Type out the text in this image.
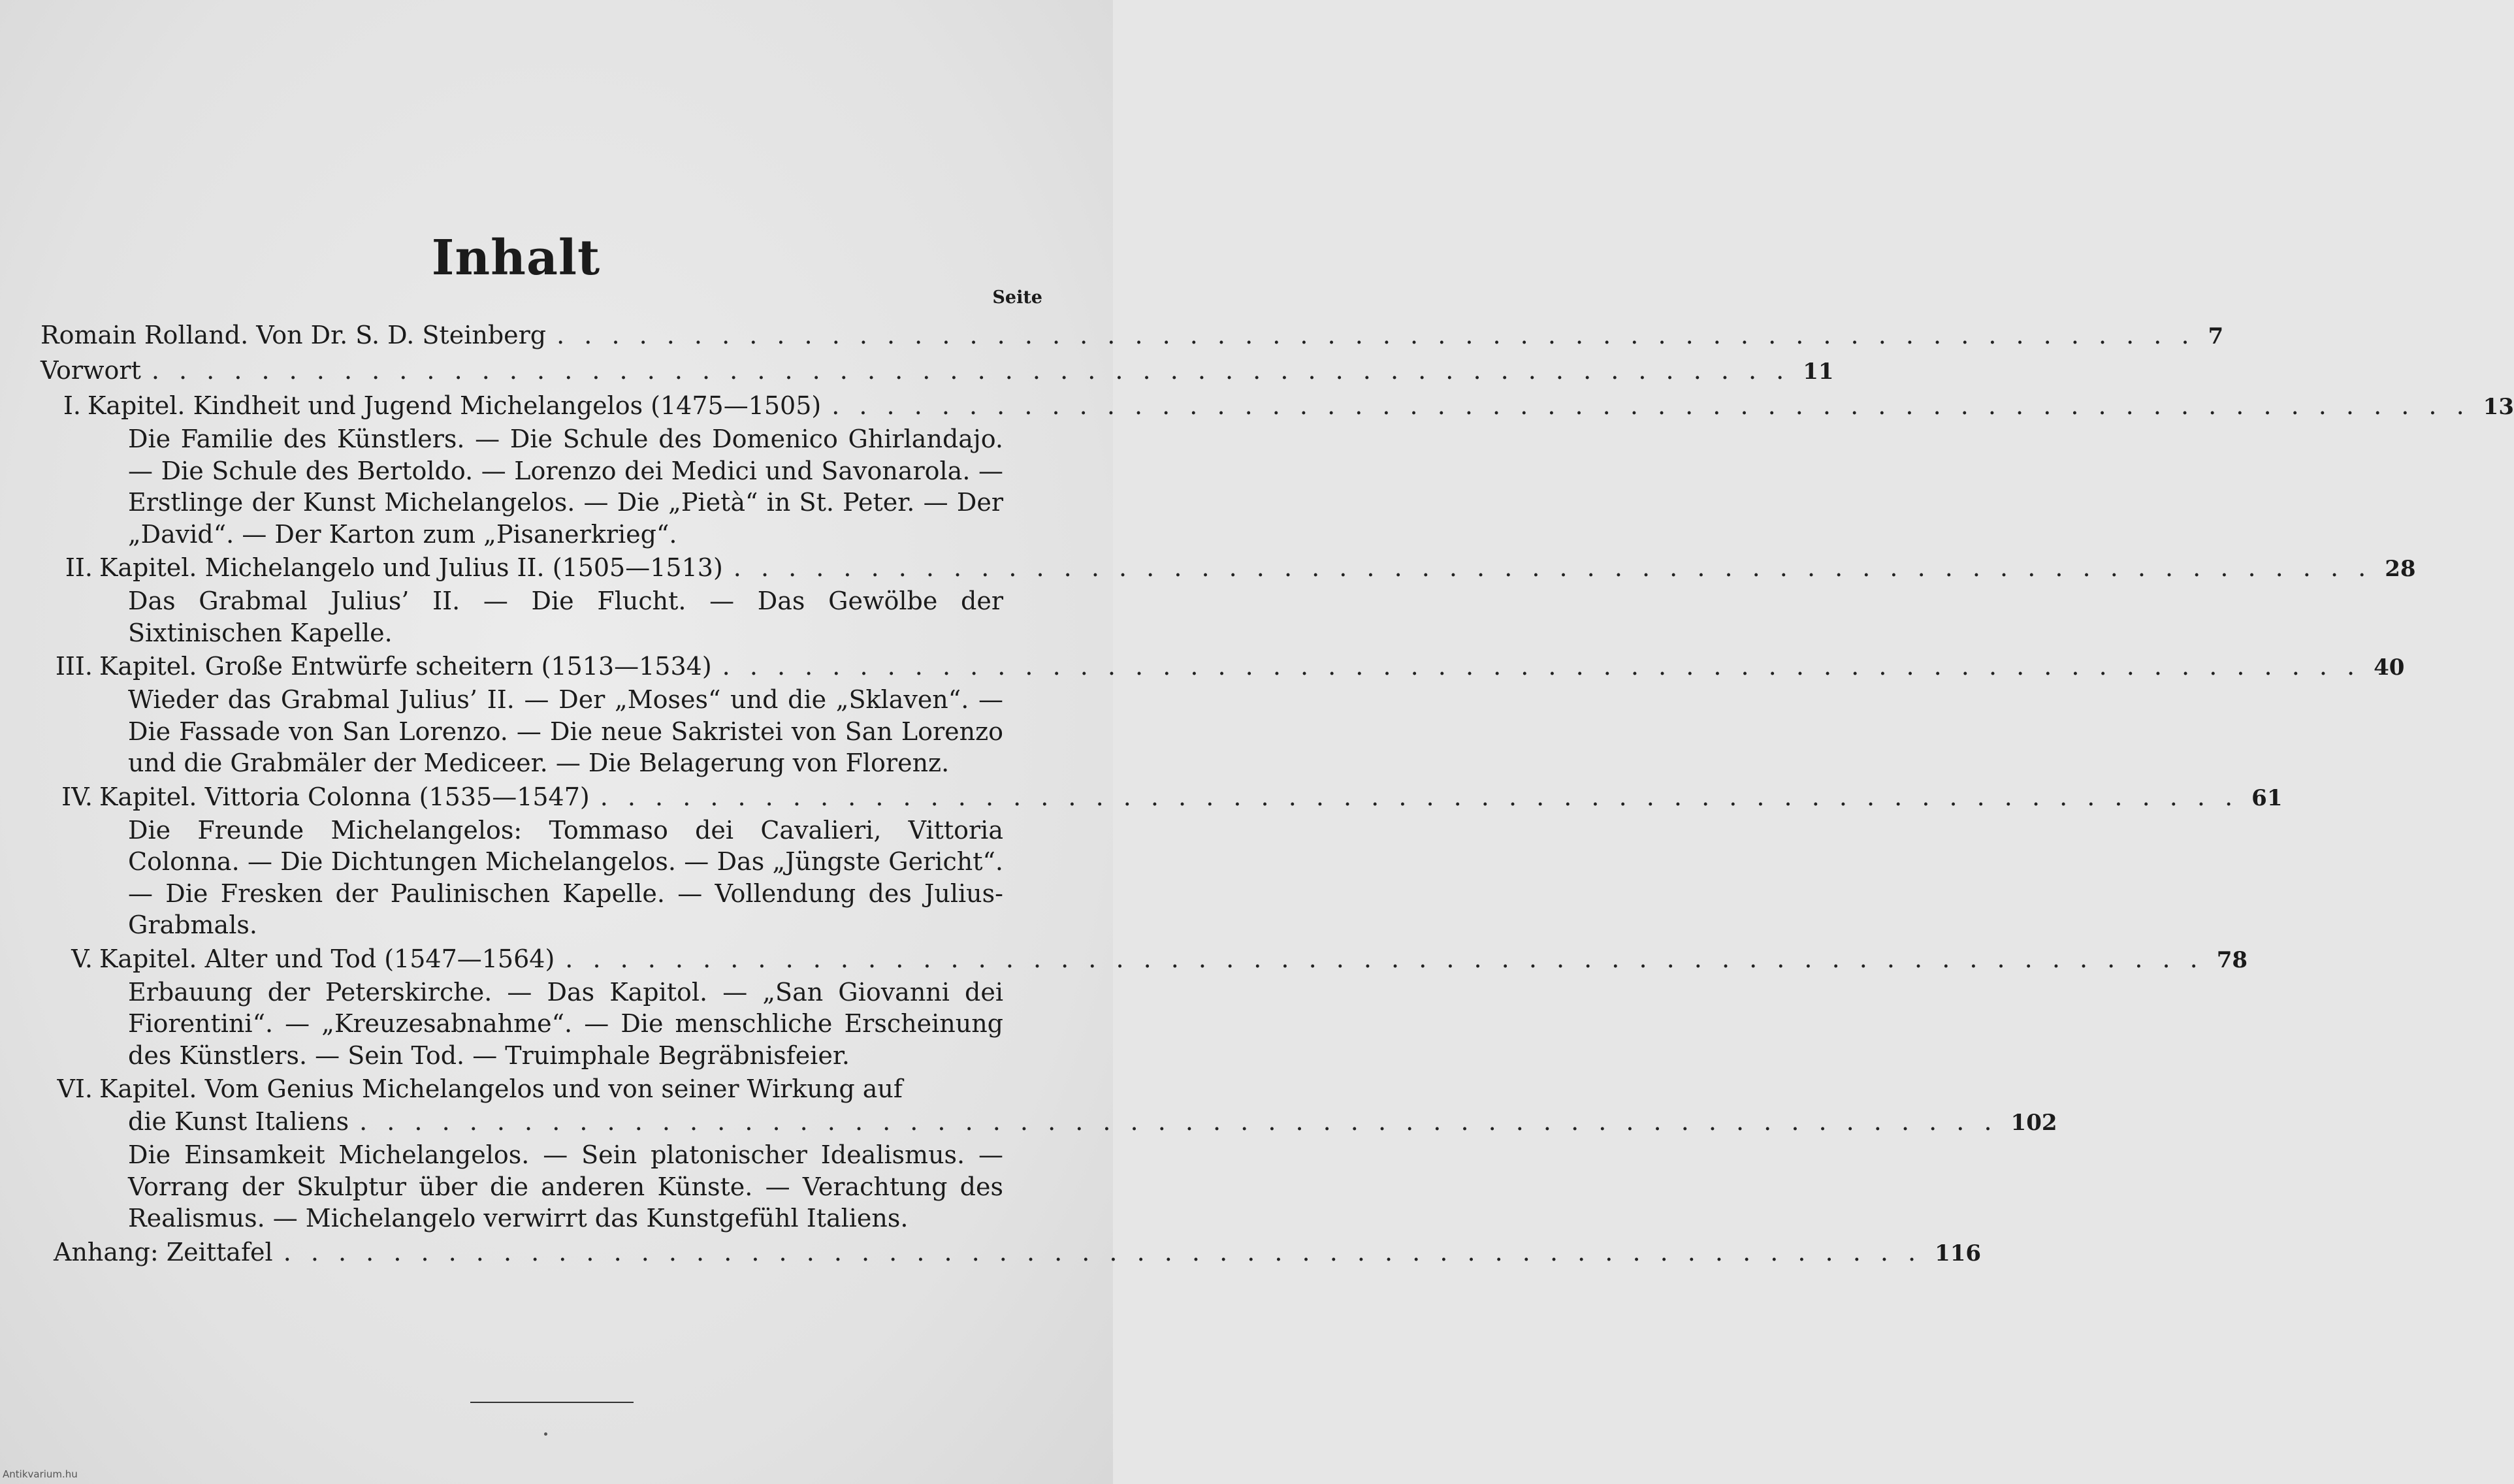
Inhalt
Seite
Romain Rolland. Von Dr. S. D. Steinberg . . . . . . . . . . . . . . . . . . . . . . . . . . . . . . . . . . . . . . . . . . . . . . . . . . . . . . . . . . . . 7
Vorwort . . . . . . . . . . . . . . . . . . . . . . . . . . . . . . . . . . . . . . . . . . . . . . . . . . . . . . . . . . . . 11
I. Kapitel. Kindheit und Jugend Michelangelos (1475—1505) . . . . . . . . . . . . . . . . . . . . . . . . . . . . . . . . . . . . . . . . . . . . . . . . . . . . . . . . . . . . 13
Die Familie des Künstlers. — Die Schule des Domenico Ghirlandajo. — Die Schule des Bertoldo. — Lorenzo dei Medici und Savonarola. — Erstlinge der Kunst Michelangelos. — Die „Pietà“ in St. Peter. — Der „David“. — Der Karton zum „Pisanerkrieg“.
II. Kapitel. Michelangelo und Julius II. (1505—1513) . . . . . . . . . . . . . . . . . . . . . . . . . . . . . . . . . . . . . . . . . . . . . . . . . . . . . . . . . . . . 28
Das Grabmal Julius’ II. — Die Flucht. — Das Gewölbe der Sixtinischen Kapelle.
III. Kapitel. Große Entwürfe scheitern (1513—1534) . . . . . . . . . . . . . . . . . . . . . . . . . . . . . . . . . . . . . . . . . . . . . . . . . . . . . . . . . . . . 40
Wieder das Grabmal Julius’ II. — Der „Moses“ und die „Sklaven“. — Die Fassade von San Lorenzo. — Die neue Sakristei von San Lorenzo und die Grabmäler der Mediceer. — Die Belagerung von Florenz.
IV. Kapitel. Vittoria Colonna (1535—1547) . . . . . . . . . . . . . . . . . . . . . . . . . . . . . . . . . . . . . . . . . . . . . . . . . . . . . . . . . . . . 61
Die Freunde Michelangelos: Tommaso dei Cavalieri, Vittoria Colonna. — Die Dichtungen Michelangelos. — Das „Jüngste Gericht“. — Die Fresken der Paulinischen Kapelle. — Vollendung des Julius-Grabmals.
V. Kapitel. Alter und Tod (1547—1564) . . . . . . . . . . . . . . . . . . . . . . . . . . . . . . . . . . . . . . . . . . . . . . . . . . . . . . . . . . . . 78
Erbauung der Peterskirche. — Das Kapitol. — „San Giovanni dei Fiorentini“. — „Kreuzesabnahme“. — Die menschliche Erscheinung des Künstlers. — Sein Tod. — Truimphale Begräbnisfeier.
VI. Kapitel. Vom Genius Michelangelos und von seiner Wirkung auf
die Kunst Italiens . . . . . . . . . . . . . . . . . . . . . . . . . . . . . . . . . . . . . . . . . . . . . . . . . . . . . . . . . . . . 102
Die Einsamkeit Michelangelos. — Sein platonischer Idealismus. — Vorrang der Skulptur über die anderen Künste. — Verachtung des Realismus. — Michelangelo verwirrt das Kunstgefühl Italiens.
Anhang: Zeittafel . . . . . . . . . . . . . . . . . . . . . . . . . . . . . . . . . . . . . . . . . . . . . . . . . . . . . . . . . . . . 116
Antikvarium.hu
